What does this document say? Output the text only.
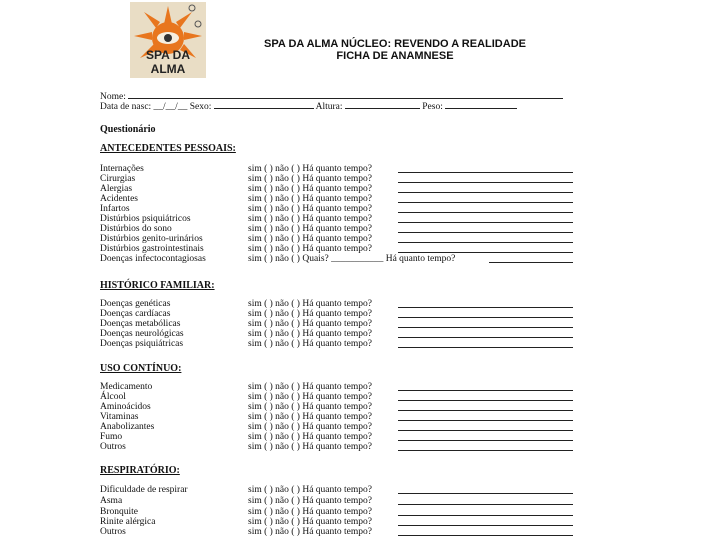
SPA DA ALMA
SPA DA ALMA NÚCLEO: REVENDO A REALIDADE
FICHA DE ANAMNESE
Nome:
Data de nasc: __/__/__ Sexo:	Altura:	Peso:
Questionário
ANTECEDENTES PESSOAIS:
Internações	sim ( ) não ( ) Há quanto tempo?
Cirurgias	sim ( ) não ( ) Há quanto tempo?
Alergias	sim ( ) não ( ) Há quanto tempo?
Acidentes	sim ( ) não ( ) Há quanto tempo?
Infartos	sim ( ) não ( ) Há quanto tempo?
Distúrbios psiquiátricos	sim ( ) não ( ) Há quanto tempo?
Distúrbios do sono	sim ( ) não ( ) Há quanto tempo?
Distúrbios genito-urinários	sim ( ) não ( ) Há quanto tempo?
Distúrbios gastrointestinais	sim ( ) não ( ) Há quanto tempo?
Doenças infectocontagiosas	sim ( ) não ( ) Quais? ___________ Há quanto tempo?
HISTÓRICO FAMILIAR:
Doenças genéticas	sim ( ) não ( ) Há quanto tempo?
Doenças cardíacas	sim ( ) não ( ) Há quanto tempo?
Doenças metabólicas	sim ( ) não ( ) Há quanto tempo?
Doenças neurológicas	sim ( ) não ( ) Há quanto tempo?
Doenças psiquiátricas	sim ( ) não ( ) Há quanto tempo?
USO CONTÍNUO:
Medicamento	sim ( ) não ( ) Há quanto tempo?
Álcool	sim ( ) não ( ) Há quanto tempo?
Aminoácidos	sim ( ) não ( ) Há quanto tempo?
Vitaminas	sim ( ) não ( ) Há quanto tempo?
Anabolizantes	sim ( ) não ( ) Há quanto tempo?
Fumo	sim ( ) não ( ) Há quanto tempo?
Outros	sim ( ) não ( ) Há quanto tempo?
RESPIRATÓRIO:
Dificuldade de respirar	sim ( ) não ( ) Há quanto tempo?
Asma	sim ( ) não ( ) Há quanto tempo?
Bronquite	sim ( ) não ( ) Há quanto tempo?
Rinite alérgica	sim ( ) não ( ) Há quanto tempo?
Outros	sim ( ) não ( ) Há quanto tempo?
